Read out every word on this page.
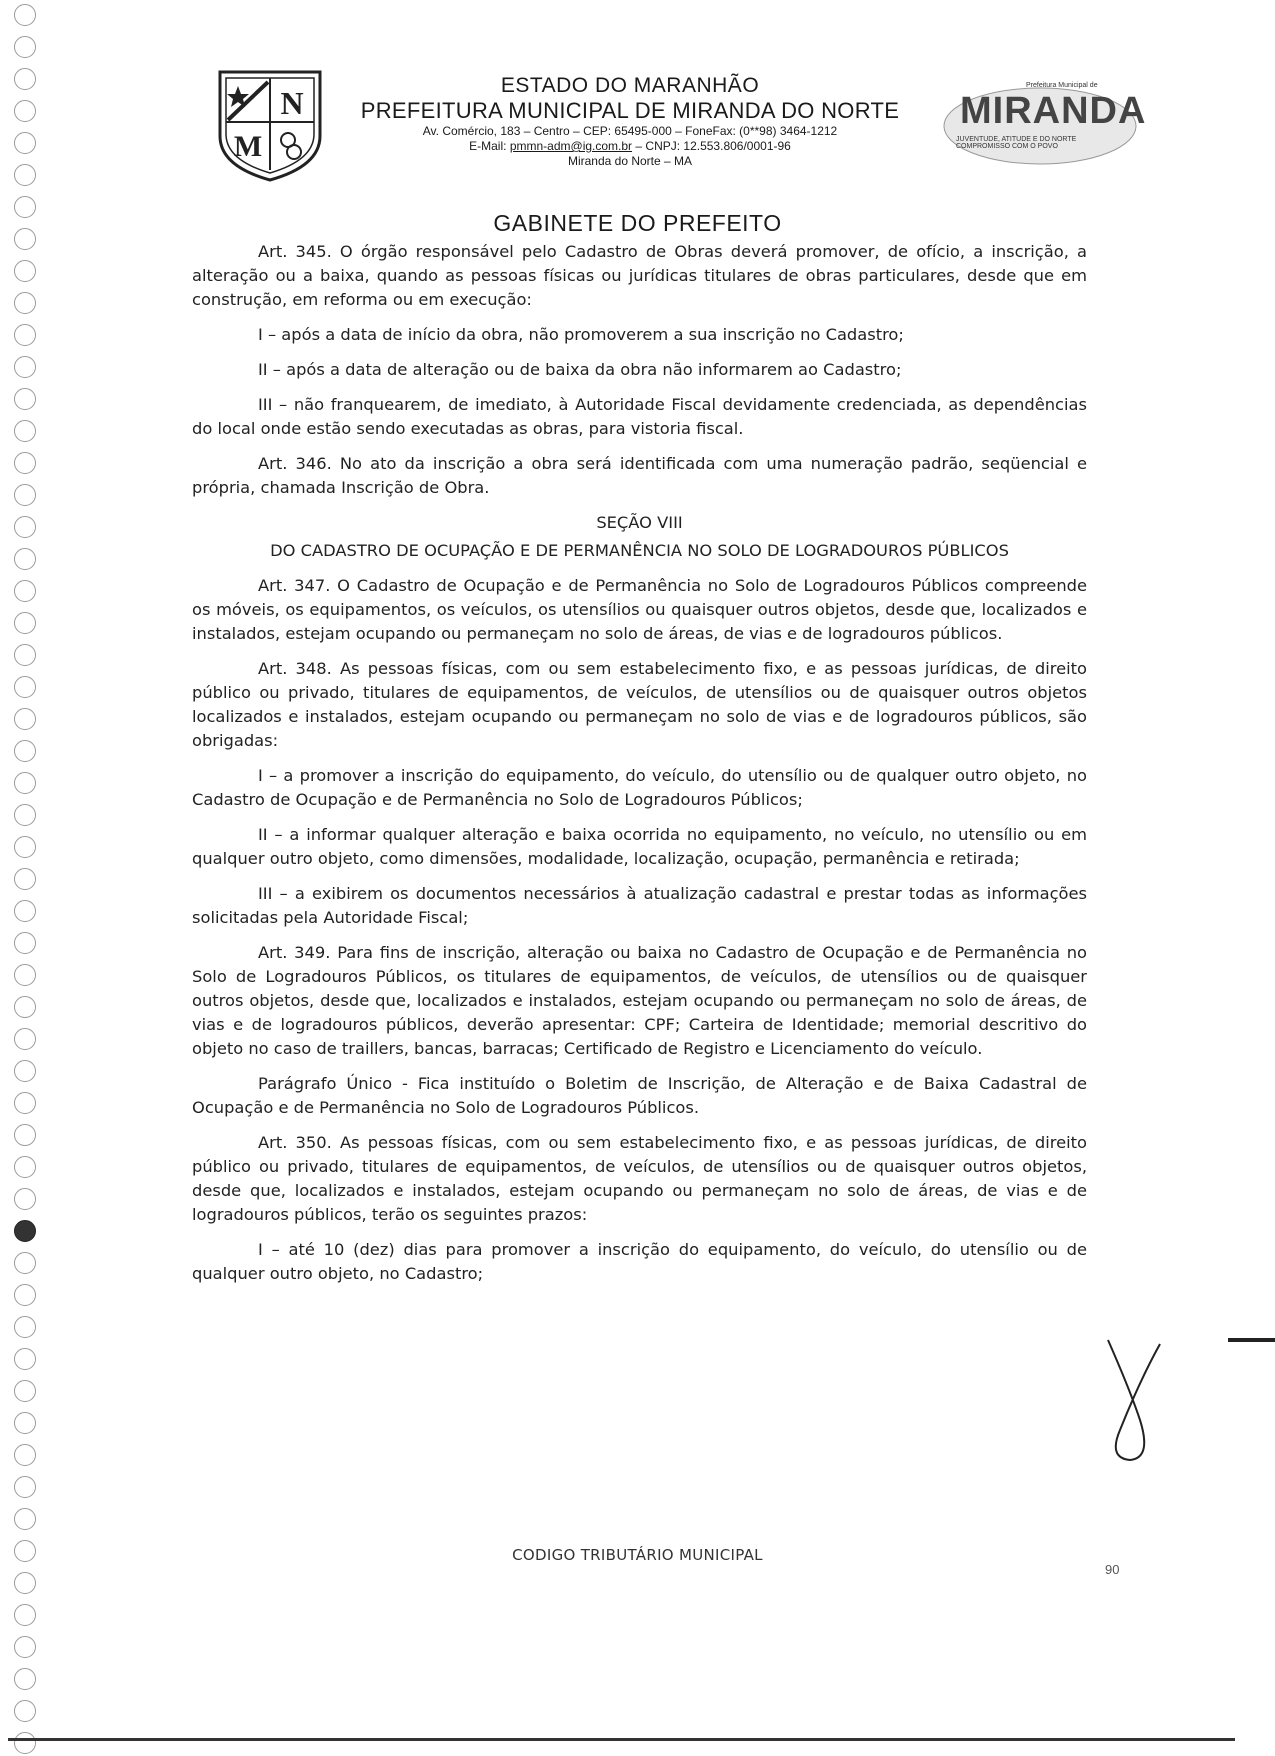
N
M
ESTADO DO MARANHÃO
PREFEITURA MUNICIPAL DE MIRANDA DO NORTE
Av. Comércio, 183 – Centro – CEP: 65495-000 – FoneFax: (0**98) 3464-1212
E-Mail: pmmn-adm@ig.com.br – CNPJ: 12.553.806/0001-96
Miranda do Norte – MA
Prefeitura Municipal de
MIRANDA
JUVENTUDE, ATITUDE E DO NORTE COMPROMISSO COM O POVO
GABINETE DO PREFEITO

Art. 345. O órgão responsável pelo Cadastro de Obras deverá promover, de ofício, a inscrição, a alteração ou a baixa, quando as pessoas físicas ou jurídicas titulares de obras particulares, desde que em construção, em reforma ou em execução:

I – após a data de início da obra, não promoverem a sua inscrição no Cadastro;

II – após a data de alteração ou de baixa da obra não informarem ao Cadastro;

III – não franquearem, de imediato, à Autoridade Fiscal devidamente credenciada, as dependências do local onde estão sendo executadas as obras, para vistoria fiscal.

Art. 346. No ato da inscrição a obra será identificada com uma numeração padrão, seqüencial e própria, chamada Inscrição de Obra.

SEÇÃO VIII

DO CADASTRO DE OCUPAÇÃO E DE PERMANÊNCIA NO SOLO DE LOGRADOUROS PÚBLICOS

Art. 347. O Cadastro de Ocupação e de Permanência no Solo de Logradouros Públicos compreende os móveis, os equipamentos, os veículos, os utensílios ou quaisquer outros objetos, desde que, localizados e instalados, estejam ocupando ou permaneçam no solo de áreas, de vias e de logradouros públicos.

Art. 348. As pessoas físicas, com ou sem estabelecimento fixo, e as pessoas jurídicas, de direito público ou privado, titulares de equipamentos, de veículos, de utensílios ou de quaisquer outros objetos localizados e instalados, estejam ocupando ou permaneçam no solo de vias e de logradouros públicos, são obrigadas:

I – a promover a inscrição do equipamento, do veículo, do utensílio ou de qualquer outro objeto, no Cadastro de Ocupação e de Permanência no Solo de Logradouros Públicos;

II – a informar qualquer alteração e baixa ocorrida no equipamento, no veículo, no utensílio ou em qualquer outro objeto, como dimensões, modalidade, localização, ocupação, permanência e retirada;

III – a exibirem os documentos necessários à atualização cadastral e prestar todas as informações solicitadas pela Autoridade Fiscal;

Art. 349. Para fins de inscrição, alteração ou baixa no Cadastro de Ocupação e de Permanência no Solo de Logradouros Públicos, os titulares de equipamentos, de veículos, de utensílios ou de quaisquer outros objetos, desde que, localizados e instalados, estejam ocupando ou permaneçam no solo de áreas, de vias e de logradouros públicos, deverão apresentar: CPF; Carteira de Identidade; memorial descritivo do objeto no caso de traillers, bancas, barracas; Certificado de Registro e Licenciamento do veículo.

Parágrafo Único - Fica instituído o Boletim de Inscrição, de Alteração e de Baixa Cadastral de Ocupação e de Permanência no Solo de Logradouros Públicos.

Art. 350. As pessoas físicas, com ou sem estabelecimento fixo, e as pessoas jurídicas, de direito público ou privado, titulares de equipamentos, de veículos, de utensílios ou de quaisquer outros objetos, desde que, localizados e instalados, estejam ocupando ou permaneçam no solo de áreas, de vias e de logradouros públicos, terão os seguintes prazos:

I – até 10 (dez) dias para promover a inscrição do equipamento, do veículo, do utensílio ou de qualquer outro objeto, no Cadastro;

CODIGO TRIBUTÁRIO MUNICIPAL
90
